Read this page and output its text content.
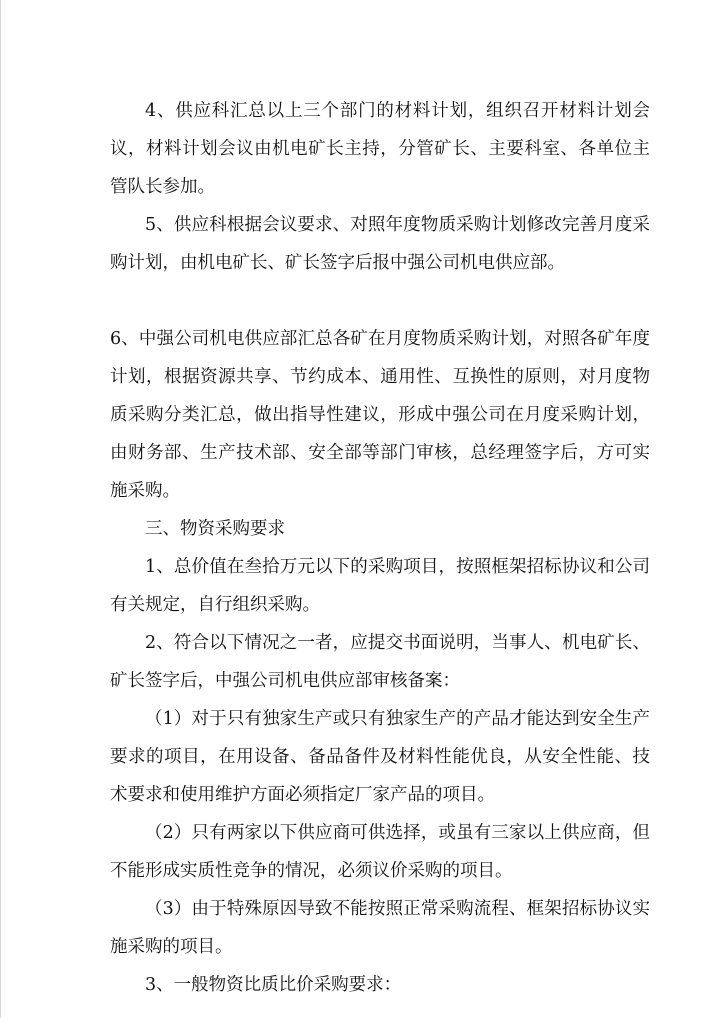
4、供应科汇总以上三个部门的材料计划，组织召开材料计划会议，材料计划会议由机电矿长主持，分管矿长、主要科室、各单位主管队长参加。

5、供应科根据会议要求、对照年度物质采购计划修改完善月度采购计划，由机电矿长、矿长签字后报中强公司机电供应部。

6、中强公司机电供应部汇总各矿在月度物质采购计划，对照各矿年度计划，根据资源共享、节约成本、通用性、互换性的原则，对月度物质采购分类汇总，做出指导性建议，形成中强公司在月度采购计划，由财务部、生产技术部、安全部等部门审核，总经理签字后，方可实施采购。

三、物资采购要求

1、总价值在叁拾万元以下的采购项目，按照框架招标协议和公司有关规定，自行组织采购。

2、符合以下情况之一者，应提交书面说明，当事人、机电矿长、矿长签字后，中强公司机电供应部审核备案：

（1）对于只有独家生产或只有独家生产的产品才能达到安全生产要求的项目，在用设备、备品备件及材料性能优良，从安全性能、技术要求和使用维护方面必须指定厂家产品的项目。

（2）只有两家以下供应商可供选择，或虽有三家以上供应商，但不能形成实质性竞争的情况，必须议价采购的项目。

（3）由于特殊原因导致不能按照正常采购流程、框架招标协议实施采购的项目。

3、一般物资比质比价采购要求：
